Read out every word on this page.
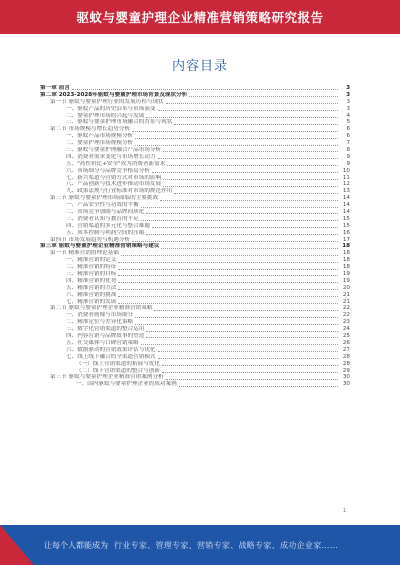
驱蚊与婴童护理企业精准营销策略研究报告
内容目录
第一章 前言	3
第二章 2023-2028年驱蚊与婴童护理市场背景及现状分析	3
第一节 驱蚊与婴童护理行业的发展历程与现状	3
一、驱蚊产品的历史沿革与市场演变	3
二、婴童护理市场的兴起与发展	4
三、驱蚊与婴童护理市场融合的背景与现状	5
第二节 市场规模与增长趋势分析	6
一、驱蚊产品市场规模分析	6
二、婴童护理市场规模分析	7
三、驱蚊与婴童护理融合产品市场分析	8
四、消费者需求变化与市场增长动力	9
五、"高性价比+安全"成为消费者新需求	9
六、市场细分与品牌竞争格局分析	10
七、新兴渠道与营销方式对市场的影响	11
八、产品创新与技术进步推动市场发展	12
九、政策法规与行业标准对市场的规范作用	13
第三节 驱蚊与婴童护理市场面临的主要挑战	14
一、产品安全性与功效的平衡	14
二、市场竞争加剧与品牌同质化	14
三、消费者认知与教育的不足	15
四、营销渠道的多元化与整合难题	15
五、成本控制与利润空间的压缩	16
第四节 市场发展趋势与机遇分析	17
第三章 驱蚊与婴童护理企业精准营销策略与建议	18
第一节 精准营销的理论基础	18
一、精准营销的定义	18
二、精准营销的特征	18
三、精准营销的目标	19
四、精准营销的优势	19
五、精准营销的方法	20
六、精准营销的挑战	21
七、精准营销的发展	21
第二节 驱蚊与婴童护理企业精准营销策略	22
一、消费者画像与市场细分	22
二、精准定位与差异化策略	23
三、数字化营销渠道的整合运用	24
四、内容营销与品牌故事的塑造	25
五、社交媒体与口碑营销策略	26
六、数据驱动的营销效果评估与优化	27
七、线上线下融合的全渠道营销模式	28
（一）线上营销渠道的拓展与优化	28
（二）线下营销渠道的整合与创新	29
第三节 驱蚊与婴童护理企业精准营销案例分析	30
一、国内驱蚊与婴童护理企业的成功案例	30
1
让每个人都能成为 行业专家、管理专家、营销专家、战略专家、成功企业家……
